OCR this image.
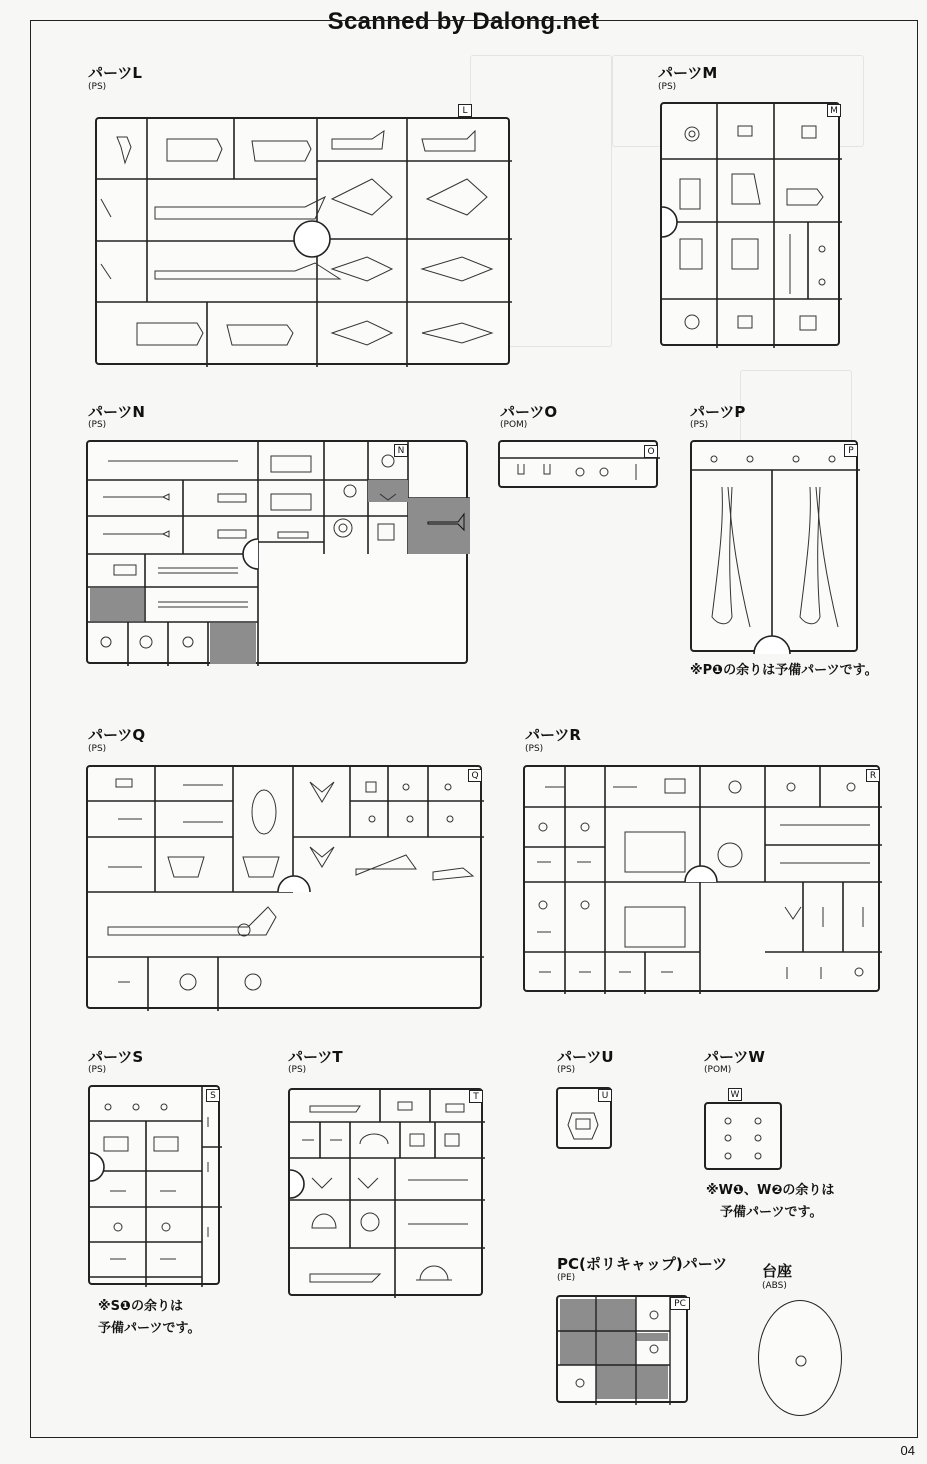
Scanned by Dalong.net
04
パーツL
(PS)
L
パーツM
(PS)
M
パーツN
(PS)
N
パーツO
(POM)
O
パーツP
(PS)
P
※P❶の余りは予備パーツです。
パーツQ
(PS)
Q
パーツR
(PS)
R
パーツS
(PS)
S
※S❶の余りは
予備パーツです。
パーツT
(PS)
T
パーツU
(PS)
U
パーツW
(POM)
W
※W❶、W❷の余りは
予備パーツです。
PC(ポリキャップ)パーツ
(PE)
PC
台座
(ABS)
